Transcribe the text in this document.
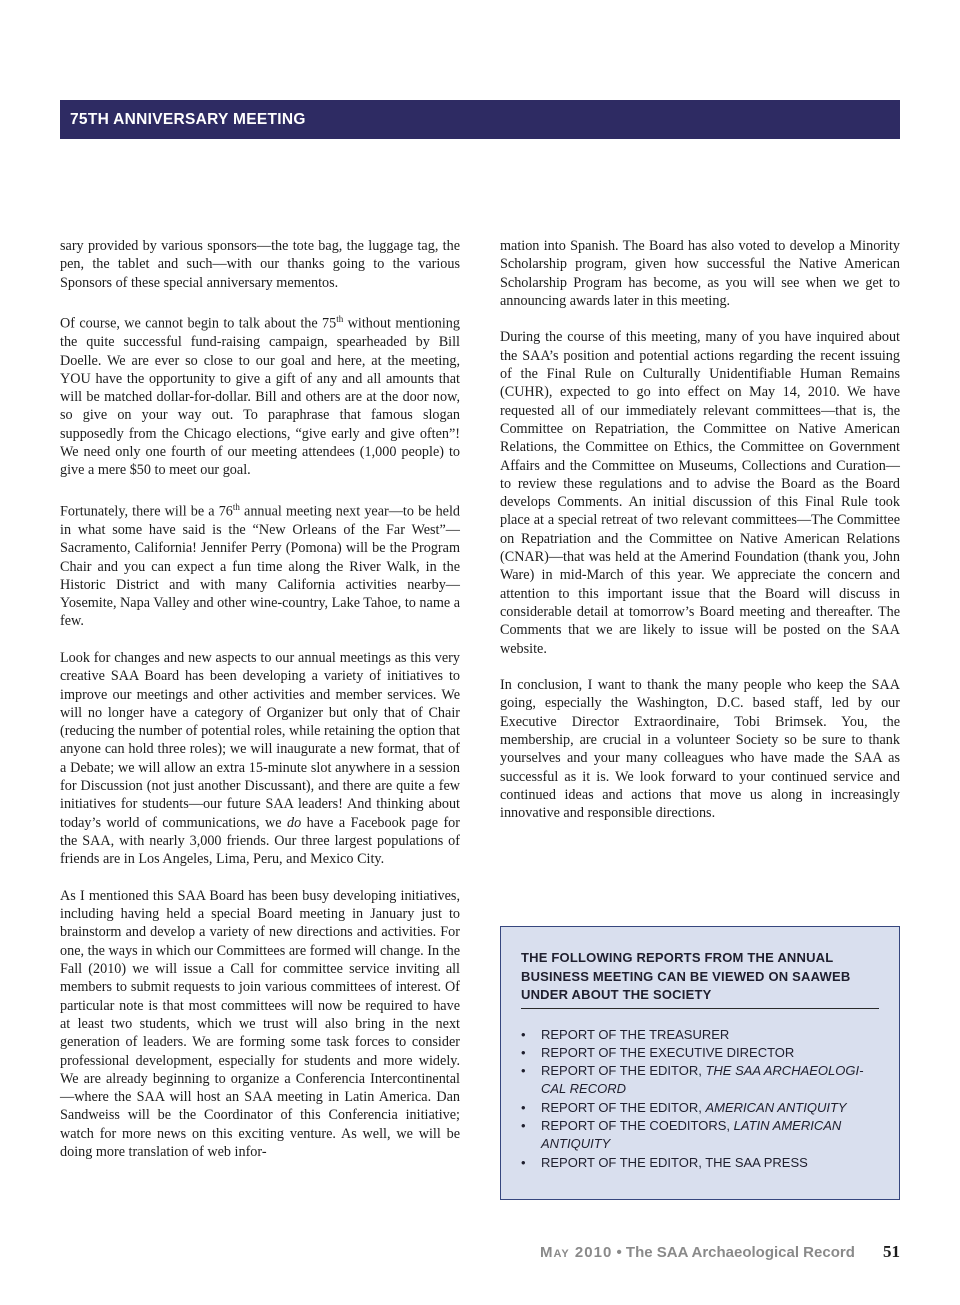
75TH ANNIVERSARY MEETING

sary provided by various sponsors—the tote bag, the luggage tag, the pen, the tablet and such—with our thanks going to the various Sponsors of these special anniversary mementos.

Of course, we cannot begin to talk about the 75th without mentioning the quite successful fund-raising campaign, spearheaded by Bill Doelle. We are ever so close to our goal and here, at the meeting, YOU have the opportunity to give a gift of any and all amounts that will be matched dollar-for-dollar. Bill and others are at the door now, so give on your way out. To paraphrase that famous slogan supposedly from the Chicago elections, “give early and give often”! We need only one fourth of our meeting attendees (1,000 people) to give a mere $50 to meet our goal.

Fortunately, there will be a 76th annual meeting next year—to be held in what some have said is the “New Orleans of the Far West”—Sacramento, California! Jennifer Perry (Pomona) will be the Program Chair and you can expect a fun time along the River Walk, in the Historic District and with many California activities nearby—Yosemite, Napa Valley and other wine-country, Lake Tahoe, to name a few.

Look for changes and new aspects to our annual meetings as this very creative SAA Board has been developing a variety of initiatives to improve our meetings and other activities and member services. We will no longer have a category of Organizer but only that of Chair (reducing the number of potential roles, while retaining the option that anyone can hold three roles); we will inaugurate a new format, that of a Debate; we will allow an extra 15-minute slot anywhere in a session for Discussion (not just another Discussant), and there are quite a few initiatives for students—our future SAA leaders! And thinking about today’s world of communications, we do have a Facebook page for the SAA, with nearly 3,000 friends. Our three largest populations of friends are in Los Angeles, Lima, Peru, and Mexico City.

As I mentioned this SAA Board has been busy developing initiatives, including having held a special Board meeting in January just to brainstorm and develop a variety of new directions and activities. For one, the ways in which our Committees are formed will change. In the Fall (2010) we will issue a Call for committee service inviting all members to submit requests to join various committees of interest. Of particular note is that most committees will now be required to have at least two students, which we trust will also bring in the next generation of leaders. We are forming some task forces to consider professional development, especially for students and more widely. We are already beginning to organize a Conferencia Intercontinental—where the SAA will host an SAA meeting in Latin America. Dan Sandweiss will be the Coordinator of this Conferencia initiative; watch for more news on this exciting venture. As well, we will be doing more translation of web infor-

mation into Spanish. The Board has also voted to develop a Minority Scholarship program, given how successful the Native American Scholarship Program has become, as you will see when we get to announcing awards later in this meeting.

During the course of this meeting, many of you have inquired about the SAA’s position and potential actions regarding the recent issuing of the Final Rule on Culturally Unidentifiable Human Remains (CUHR), expected to go into effect on May 14, 2010. We have requested all of our immediately relevant committees—that is, the Committee on Repatriation, the Committee on Native American Relations, the Committee on Ethics, the Committee on Government Affairs and the Committee on Museums, Collections and Curation—to review these regulations and to advise the Board as the Board develops Comments. An initial discussion of this Final Rule took place at a special retreat of two relevant committees—The Committee on Repatriation and the Committee on Native American Relations (CNAR)—that was held at the Amerind Foundation (thank you, John Ware) in mid-March of this year. We appreciate the concern and attention to this important issue that the Board will discuss in considerable detail at tomorrow’s Board meeting and thereafter. The Comments that we are likely to issue will be posted on the SAA website.

In conclusion, I want to thank the many people who keep the SAA going, especially the Washington, D.C. based staff, led by our Executive Director Extraordinaire, Tobi Brimsek. You, the membership, are crucial in a volunteer Society so be sure to thank yourselves and your many colleagues who have made the SAA as successful as it is. We look forward to your continued service and continued ideas and actions that move us along in increasingly innovative and responsible directions.

THE FOLLOWING REPORTS FROM THE ANNUAL BUSINESS MEETING CAN BE VIEWED ON SAAWEB UNDER ABOUT THE SOCIETY
• REPORT OF THE TREASURER
• REPORT OF THE EXECUTIVE DIRECTOR
• REPORT OF THE EDITOR, THE SAA ARCHAEOLOGICAL RECORD
• REPORT OF THE EDITOR, AMERICAN ANTIQUITY
• REPORT OF THE COEDITORS, LATIN AMERICAN ANTIQUITY
• REPORT OF THE EDITOR, THE SAA PRESS
May 2010 • The SAA Archaeological Record 51
